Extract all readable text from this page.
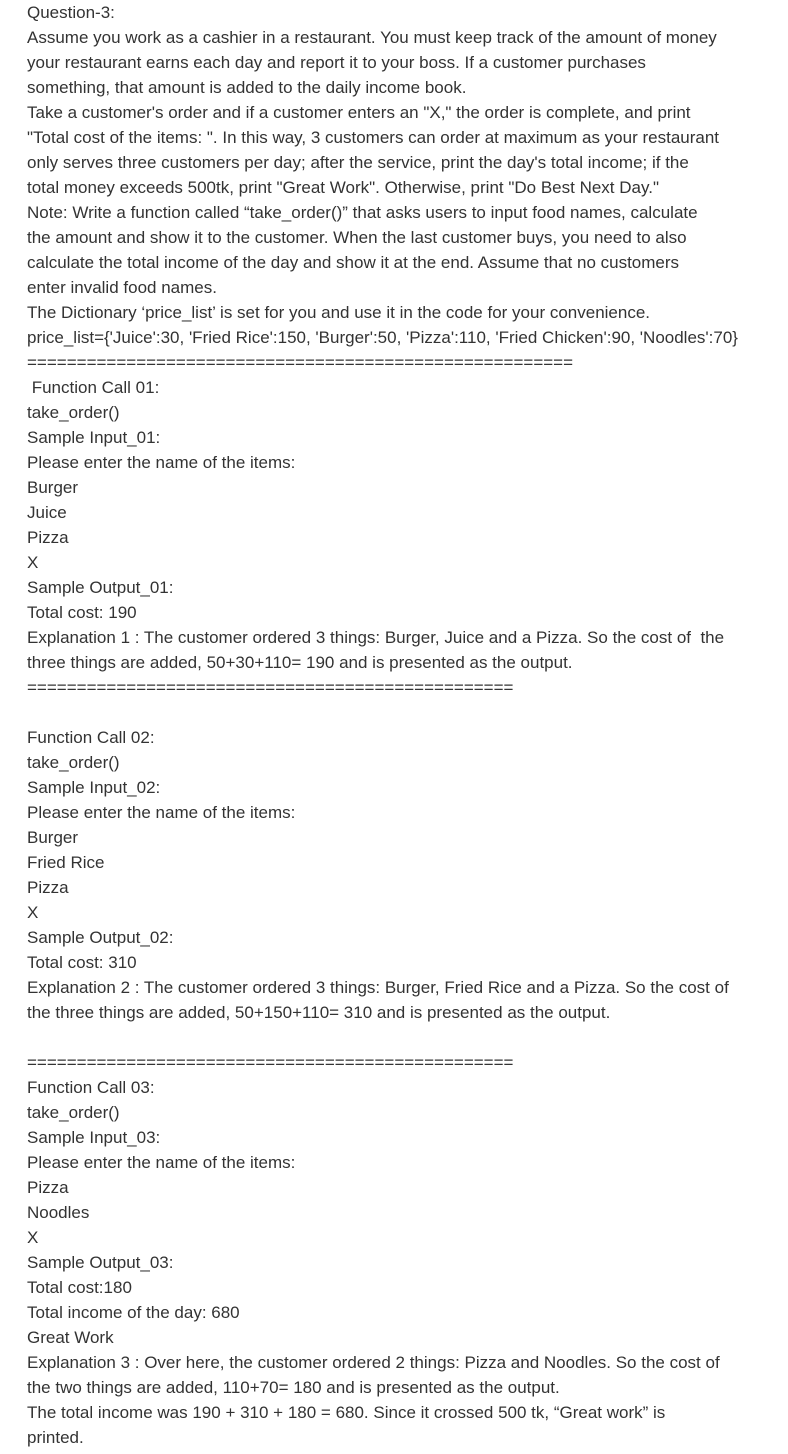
Question-3:
Assume you work as a cashier in a restaurant. You must keep track of the amount of money
your restaurant earns each day and report it to your boss. If a customer purchases
something, that amount is added to the daily income book.
Take a customer's order and if a customer enters an "X," the order is complete, and print
"Total cost of the items: ". In this way, 3 customers can order at maximum as your restaurant
only serves three customers per day; after the service, print the day's total income; if the
total money exceeds 500tk, print "Great Work". Otherwise, print "Do Best Next Day."
Note: Write a function called “take_order()” that asks users to input food names, calculate
the amount and show it to the customer. When the last customer buys, you need to also
calculate the total income of the day and show it at the end. Assume that no customers
enter invalid food names.
The Dictionary ‘price_list’ is set for you and use it in the code for your convenience.
price_list={'Juice':30, 'Fried Rice':150, 'Burger':50, 'Pizza':110, 'Fried Chicken':90, 'Noodles':70}
=======================================================
Function Call 01:
take_order()
Sample Input_01:
Please enter the name of the items:
Burger
Juice
Pizza
X
Sample Output_01:
Total cost: 190
Explanation 1 : The customer ordered 3 things: Burger, Juice and a Pizza. So the cost of  the
three things are added, 50+30+110= 190 and is presented as the output.
=================================================
Function Call 02:
take_order()
Sample Input_02:
Please enter the name of the items:
Burger
Fried Rice
Pizza
X
Sample Output_02:
Total cost: 310
Explanation 2 : The customer ordered 3 things: Burger, Fried Rice and a Pizza. So the cost of
the three things are added, 50+150+110= 310 and is presented as the output.
=================================================
Function Call 03:
take_order()
Sample Input_03:
Please enter the name of the items:
Pizza
Noodles
X
Sample Output_03:
Total cost:180
Total income of the day: 680
Great Work
Explanation 3 : Over here, the customer ordered 2 things: Pizza and Noodles. So the cost of
the two things are added, 110+70= 180 and is presented as the output.
The total income was 190 + 310 + 180 = 680. Since it crossed 500 tk, “Great work” is
printed.
